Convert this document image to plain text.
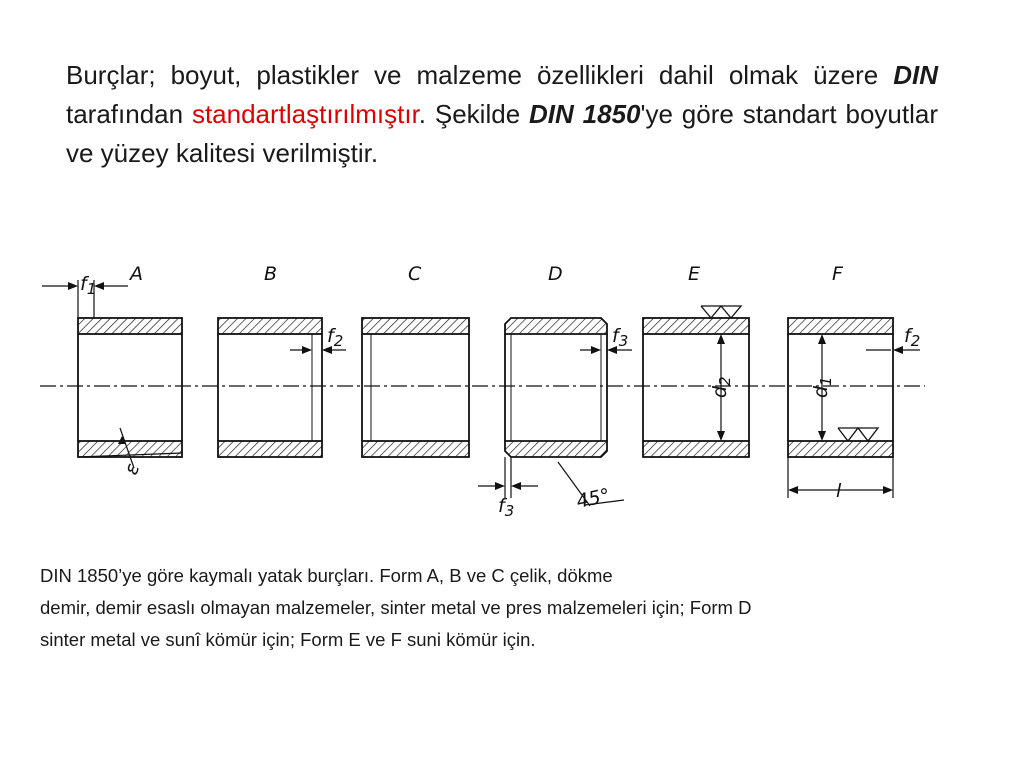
Burçlar; boyut, plastikler ve malzeme özellikleri dahil olmak üzere DIN tarafından standartlaştırılmıştır. Şekilde DIN 1850'ye göre standart boyutlar ve yüzey kalitesi verilmiştir.
A	B	C	D	E	F
$f_1$
$f_2$	$f_3$
$f_3$
$f_2$
$d_2$
$d_1$
l
45°
ε
DIN 1850’ye göre kaymalı yatak burçları. Form A, B ve C çelik, dökme
demir, demir esaslı olmayan malzemeler, sinter metal ve pres malzemeleri için; Form D
sinter metal ve sunî kömür için; Form E ve F suni kömür için.
